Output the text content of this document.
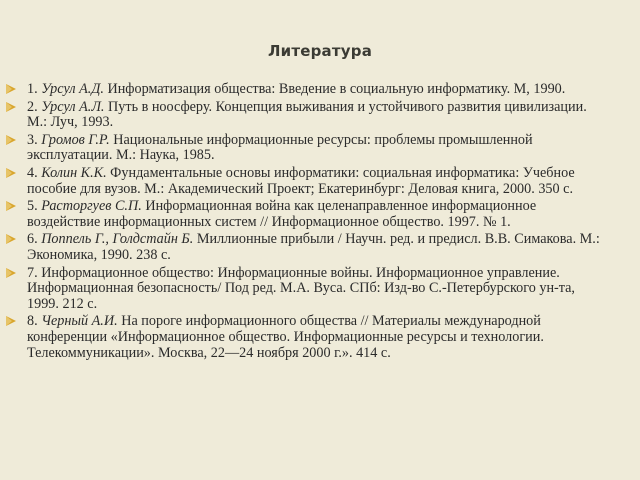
Литература
1. Урсул А.Д. Информатизация общества: Введение в социальную информатику. М, 1990.
2. Урсул А.Л. Путь в ноосферу. Концепция выживания и устойчивого развития цивилизации. М.: Луч, 1993.
3. Громов Г.Р. Национальные информационные ресурсы: проблемы промышленной эксплуатации. М.: Наука, 1985.
4. Колин К.К. Фундаментальные основы информатики: социальная информатика: Учебное пособие для вузов. М.: Академический Проект; Екатеринбург: Деловая книга, 2000. 350 с.
5. Расторгуев С.П. Информационная война как целенаправленное информационное воздействие информационных систем // Информационное общество. 1997. № 1.
6. Поппель Г., Голдстайн Б. Миллионные прибыли / Научн. ред. и предисл. В.В. Симакова. М.: Экономика, 1990. 238 с.
7. Информационное общество: Информационные войны. Информационное управление. Информационная безопасность/ Под ред. М.А. Вуса. СПб: Изд-во С.-Петербурского ун-та, 1999. 212 с.
8. Черный А.И. На пороге информационного общества // Материалы международной конференции «Информационное общество. Информационные ресурсы и технологии. Телекоммуникации». Москва, 22—24 ноября 2000 г.». 414 с.
